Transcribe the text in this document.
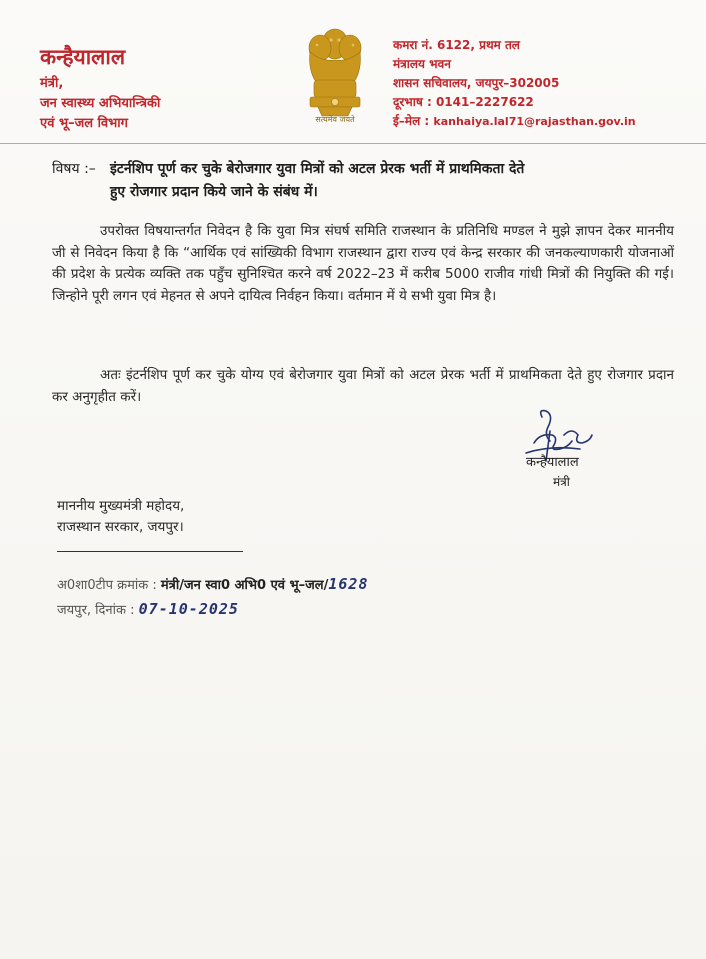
कन्हैयालाल
मंत्री,
जन स्वास्थ्य अभियान्त्रिकी
एवं भू–जल विभाग	सत्यमेव जयते
कमरा नं. 6122, प्रथम तल
मंत्रालय भवन
शासन सचिवालय, जयपुर–302005
दूरभाष : 0141–2227622
ई–मेल : kanhaiya.lal71@rajasthan.gov.in
विषय :– इंटर्नशिप पूर्ण कर चुके बेरोजगार युवा मित्रों को अटल प्रेरक भर्ती में प्राथमिकता देते
हुए रोजगार प्रदान किये जाने के संबंध में।
उपरोक्त विषयान्तर्गत निवेदन है कि युवा मित्र संघर्ष समिति राजस्थान के प्रतिनिधि मण्डल ने मुझे ज्ञापन देकर माननीय जी से निवेदन किया है कि “आर्थिक एवं सांख्यिकी विभाग राजस्थान द्वारा राज्य एवं केन्द्र सरकार की जनकल्याणकारी योजनाओं की प्रदेश के प्रत्येक व्यक्ति तक पहुँच सुनिश्चित करने वर्ष 2022–23 में करीब 5000 राजीव गांधी मित्रों की नियुक्ति की गई। जिन्होने पूरी लगन एवं मेहनत से अपने दायित्व निर्वहन किया। वर्तमान में ये सभी युवा मित्र है।
अतः इंटर्नशिप पूर्ण कर चुके योग्य एवं बेरोजगार युवा मित्रों को अटल प्रेरक भर्ती में प्राथमिकता देते हुए रोजगार प्रदान कर अनुगृहीत करें।
कन्हैयालाल
मंत्री
माननीय मुख्यमंत्री महोदय,
राजस्थान सरकार, जयपुर।
अ0शा0टीप क्रमांक : मंत्री/जन स्वा0 अभि0 एवं भू–जल/1628
जयपुर, दिनांक : 07-10-2025
